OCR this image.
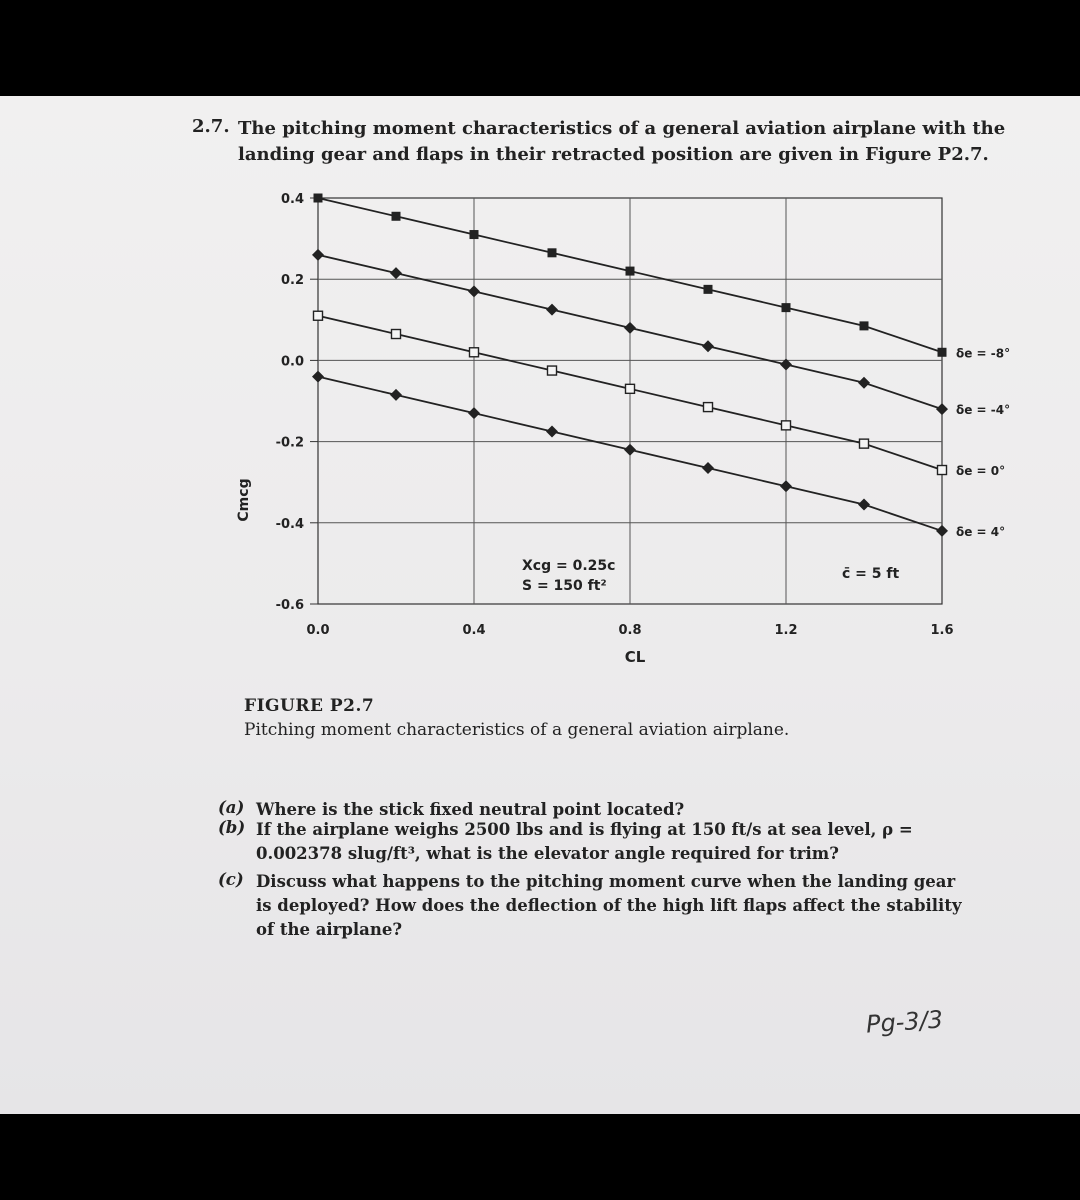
2.7. The pitching moment characteristics of a general aviation airplane with the landing gear and flaps in their retracted position are given in Figure P2.7.
0.0	0.4	0.8	1.2	1.6
0.4
0.2
0.0
-0.2
-0.4
-0.6
δe = -8°
δe = -4°
δe = 0°
δe = 4°
Cmcg
CL
Xcg = 0.25c
S = 150 ft²
c̄ = 5 ft
FIGURE P2.7
Pitching moment characteristics of a general aviation airplane.
(a) Where is the stick fixed neutral point located?
(b) If the airplane weighs 2500 lbs and is flying at 150 ft/s at sea level, ρ = 0.002378 slug/ft³, what is the elevator angle required for trim?
(c) Discuss what happens to the pitching moment curve when the landing gear is deployed? How does the deflection of the high lift flaps affect the stability of the airplane?
Pg-3/3
